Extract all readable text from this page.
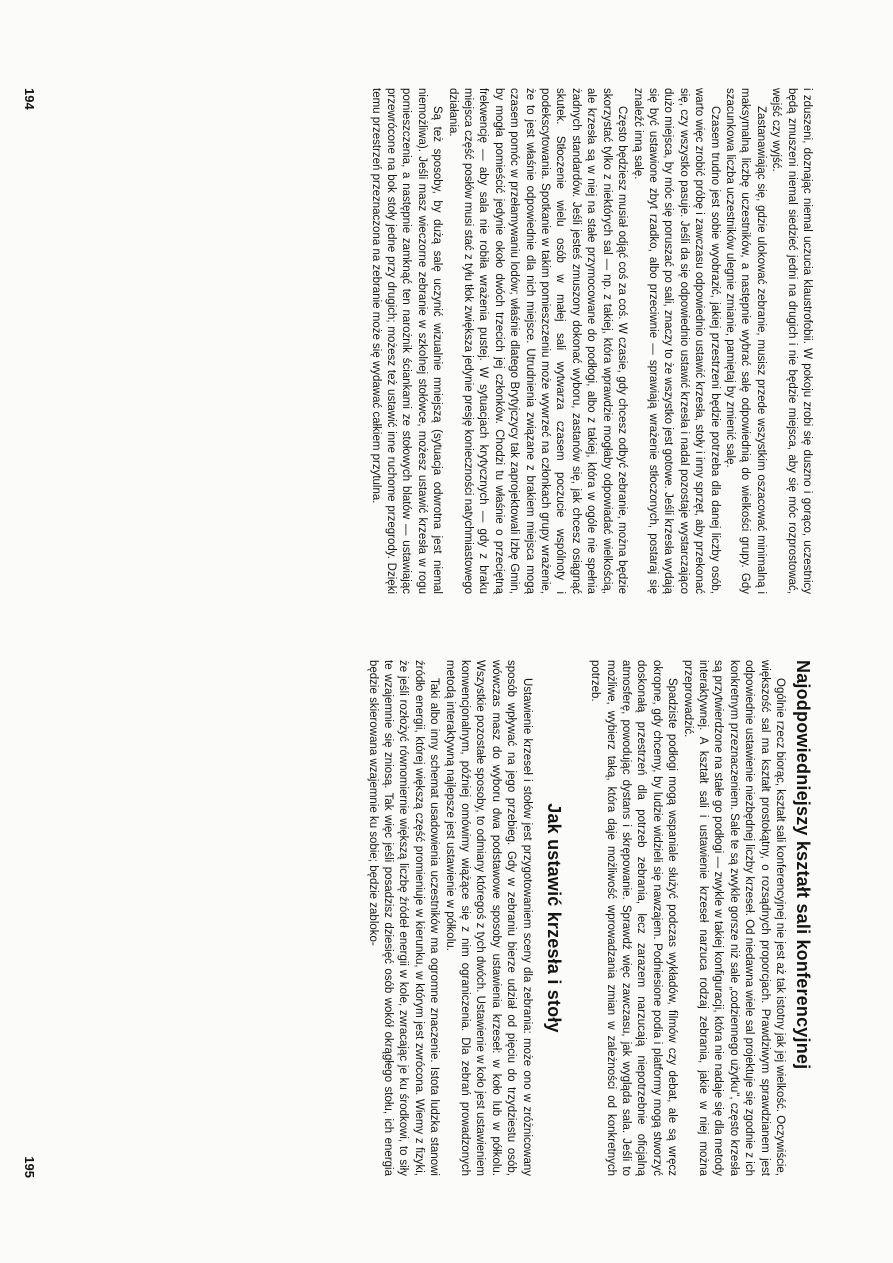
i zduszeni, doznając niemal uczucia klaustrofobii. W pokoju zrobi się duszno i gorąco, uczestnicy będą zmuszeni niemal siedzieć jedni na drugich i nie będzie miejsca, aby się móc rozprostować, wejść czy wyjść.

Zastanawiając się, gdzie ulokować zebranie, musisz przede wszystkim oszacować minimalną i maksymalną liczbę uczestników, a następnie wybrać salę odpowiednią do wielkości grupy. Gdy szacunkowa liczba uczestników ulegnie zmianie, pamiętaj by zmienić salę.

Czasem trudno jest sobie wyobrazić, jakiej przestrzeni będzie potrzeba dla danej liczby osób, warto więc zrobić próbę i zawczasu odpowiednio ustawić krzesła, stoły i inny sprzęt, aby przekonać się, czy wszystko pasuje. Jeśli da się odpowiednio ustawić krzesła i nadal pozostaje wystarczająco dużo miejsca, by móc się poruszać po sali, znaczy to że wszystko jest gotowe. Jeśli krzesła wydają się być ustawione zbyt rzadko, albo przeciwnie — sprawiają wrażenie stłoczonych, postaraj się znaleźć inną salę.

Często będziesz musiał odjąć coś za coś. W czasie, gdy chcesz odbyć zebranie, można będzie skorzystać tylko z niektórych sal — np. z takiej, która wprawdzie mogłaby odpowiadać wielkością, ale krzesła są w niej na stałe przymocowane do podłogi, albo z takiej, która w ogóle nie spełnia żadnych standardów. Jeśli jesteś zmuszony dokonać wyboru, zastanów się, jak chcesz osiągnąć skutek. Stłoczenie wielu osób w małej sali wytwarza czasem poczucie wspólnoty i podekscytowania. Spotkanie w takim pomieszczeniu może wywrzeć na członkach grupy wrażenie, że to jest właśnie odpowiednie dla nich miejsce. Utrudnienia związane z brakiem miejsca mogą czasem pomóc w przełamywaniu lodów; właśnie dlatego Brytyjczycy tak zaprojektowali Izbę Gmin, by mogła pomieścić jedynie około dwóch trzecich jej członków. Chodzi tu właśnie o przeciętną frekwencję — aby sala nie robiła wrażenia pustej. W sytuacjach krytycznych — gdy z braku miejsca część posłów musi stać z tyłu tłok zwiększa jedynie presję konieczności natychmiastowego działania.

Są też sposoby, by dużą salę uczynić wizualnie mniejszą (sytuacja odwrotna jest niemal niemożliwa). Jeśli masz wieczorne zebranie w szkolnej stołówce, możesz ustawić krzesła w rogu pomieszczenia, a następnie zamknąć ten narożnik ściankami ze stołowych blatów — ustawiając przewrócone na bok stoły jedne przy drugich; możesz też ustawić inne ruchome przegrody. Dzięki temu przestrzeń przeznaczona na zebranie może się wydawać całkiem przytulna.

194
Najodpowiedniejszy kształt sali konferencyjnej

Ogólnie rzecz biorąc, kształt sali konferencyjnej nie jest aż tak istotny jak jej wielkość. Oczywiście, większość sal ma kształt prostokątny, o rozsądnych proporcjach. Prawdziwym sprawdzianem jest odpowiednie ustawienie niezbędnej liczby krzeseł. Od niedawna wiele sal projektuje się zgodnie z ich konkretnym przeznaczeniem. Sale te są zwykle gorsze niż sale „codziennego użytku", często krzesła są przytwierdzone na stałe go podłogi — zwykle w takiej konfiguracji, która nie nadaje się dla metody interaktywnej. A kształt sali i ustawienie krzeseł narzuca rodzaj zebrania, jakie w niej można przeprowadzić.

Spadziste podłogi mogą wspaniale służyć podczas wykładów, filmów czy debat, ale są wręcz okropne, gdy chcemy, by ludzie widzieli się nawzajem. Podniesione podia i platformy mogą stworzyć doskonałą przestrzeń dla potrzeb zebrania, lecz zarazem narzucają niepotrzebnie oficjalną atmosferę, powodując dystans i skrępowanie. Sprawdź więc zawczasu, jak wygląda sala. Jeśli to możliwe, wybierz taką, która daje możliwość wprowadzania zmian w zależności od konkretnych potrzeb.

Jak ustawić krzesła i stoły

Ustawienie krzeseł i stołów jest przygotowaniem sceny dla zebrania: może ono w zróżnicowany sposób wpływać na jego przebieg. Gdy w zebraniu bierze udział od pięciu do trzydziestu osób, wówczas masz do wyboru dwa podstawowe sposoby ustawienia krzeseł: w koło lub w półkolu. Wszystkie pozostałe sposoby, to odmiany któregoś z tych dwóch. Ustawienie w koło jest ustawieniem konwencjonalnym, później omówimy wiążące się z nim ograniczenia. Dla zebrań prowadzonych metodą interaktywną najlepsze jest ustawienie w półkolu.

Taki albo inny schemat usadowienia uczestników ma ogromne znaczenie. Istota ludzka stanowi źródło energii, której większą część promieniuje w kierunku, w którym jest zwrócona. Wiemy z fizyki, że jeśli rozłożyć równomiernie większą liczbę źródeł energii w kole, zwracając je ku środkowi, to siły te wzajemnie się zniosą. Tak więc jeśli posadzisz dziesięć osób wokół okrągłego stołu, ich energia będzie skierowana wzajemnie ku sobie; będzie zabloko-

195
